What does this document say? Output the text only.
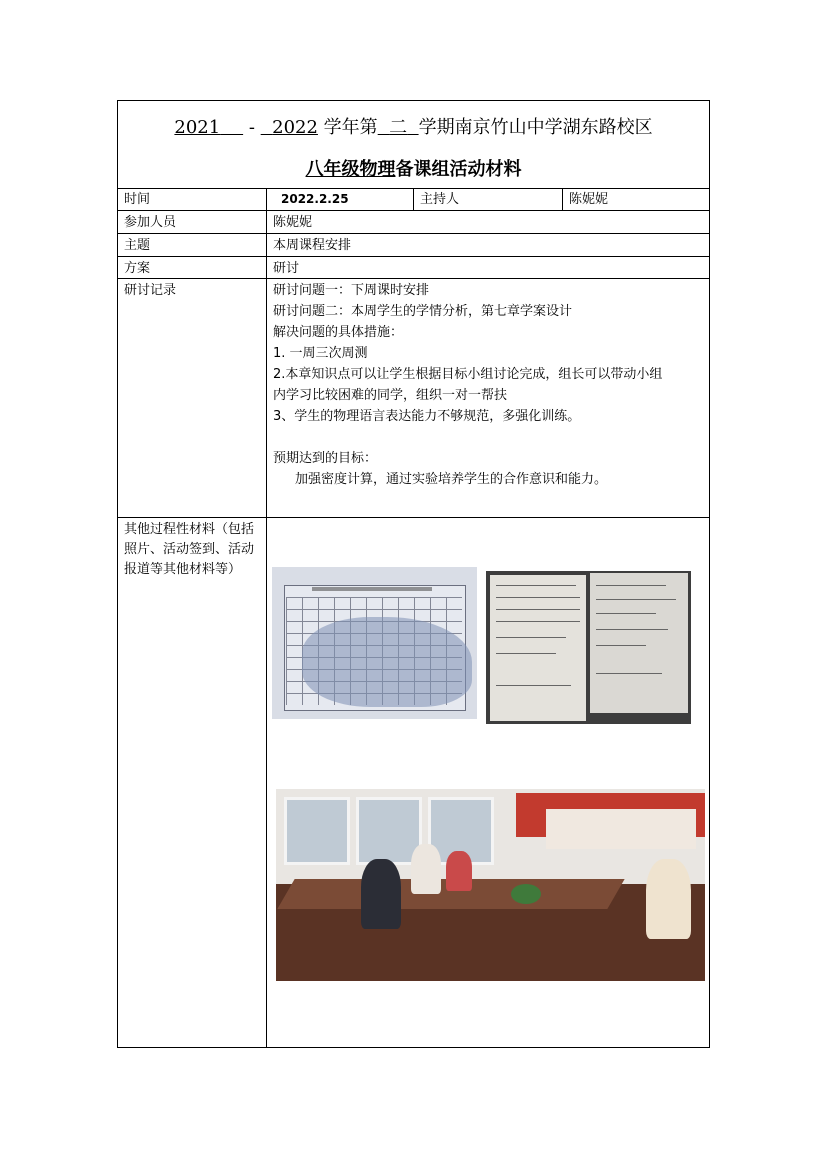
2021 - 2022 学年第 二 学期南京竹山中学湖东路校区
八年级物理备课组活动材料
时间	2022.2.25	主持人	陈妮妮
参加人员	陈妮妮
主题	本周课程安排
方案	研讨
研讨记录	研讨问题一：下周课时安排
研讨问题二：本周学生的学情分析，第七章学案设计
解决问题的具体措施：
1. 一周三次周测
2.本章知识点可以让学生根据目标小组讨论完成，组长可以带动小组
内学习比较困难的同学，组织一对一帮扶
3、学生的物理语言表达能力不够规范，多强化训练。

预期达到的目标：
加强密度计算，通过实验培养学生的合作意识和能力。
其他过程性材料（包括照片、活动签到、活动报道等其他材料等）
